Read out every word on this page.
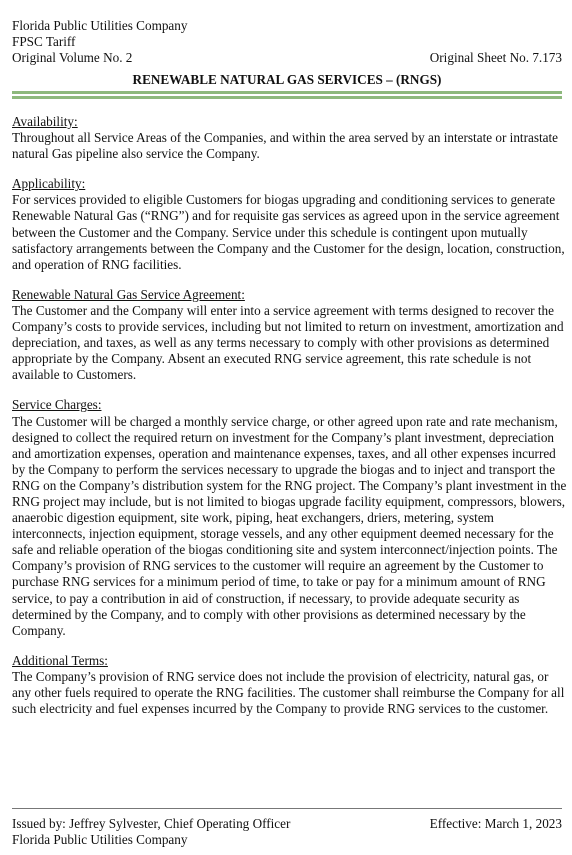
Florida Public Utilities Company
FPSC Tariff
Original Volume No. 2	Original Sheet No. 7.173
RENEWABLE NATURAL GAS SERVICES – (RNGS)
Availability:

Throughout all Service Areas of the Companies, and within the area served by an interstate or intrastate natural Gas pipeline also service the Company.

Applicability:

For services provided to eligible Customers for biogas upgrading and conditioning services to generate Renewable Natural Gas (“RNG”) and for requisite gas services as agreed upon in the service agreement between the Customer and the Company. Service under this schedule is contingent upon mutually satisfactory arrangements between the Company and the Customer for the design, location, construction, and operation of RNG facilities.

Renewable Natural Gas Service Agreement:

The Customer and the Company will enter into a service agreement with terms designed to recover the Company’s costs to provide services, including but not limited to return on investment, amortization and depreciation, and taxes, as well as any terms necessary to comply with other provisions as determined appropriate by the Company. Absent an executed RNG service agreement, this rate schedule is not available to Customers.

Service Charges:

The Customer will be charged a monthly service charge, or other agreed upon rate and rate mechanism, designed to collect the required return on investment for the Company’s plant investment, depreciation and amortization expenses, operation and maintenance expenses, taxes, and all other expenses incurred by the Company to perform the services necessary to upgrade the biogas and to inject and transport the RNG on the Company’s distribution system for the RNG project. The Company’s plant investment in the RNG project may include, but is not limited to biogas upgrade facility equipment, compressors, blowers, anaerobic digestion equipment, site work, piping, heat exchangers, driers, metering, system interconnects, injection equipment, storage vessels, and any other equipment deemed necessary for the safe and reliable operation of the biogas conditioning site and system interconnect/injection points. The Company’s provision of RNG services to the customer will require an agreement by the Customer to purchase RNG services for a minimum period of time, to take or pay for a minimum amount of RNG service, to pay a contribution in aid of construction, if necessary, to provide adequate security as determined by the Company, and to comply with other provisions as determined necessary by the Company.

Additional Terms:

The Company’s provision of RNG service does not include the provision of electricity, natural gas, or any other fuels required to operate the RNG facilities. The customer shall reimburse the Company for all such electricity and fuel expenses incurred by the Company to provide RNG services to the customer.

Issued by: Jeffrey Sylvester, Chief Operating Officer
Florida Public Utilities Company
Effective: March 1, 2023
